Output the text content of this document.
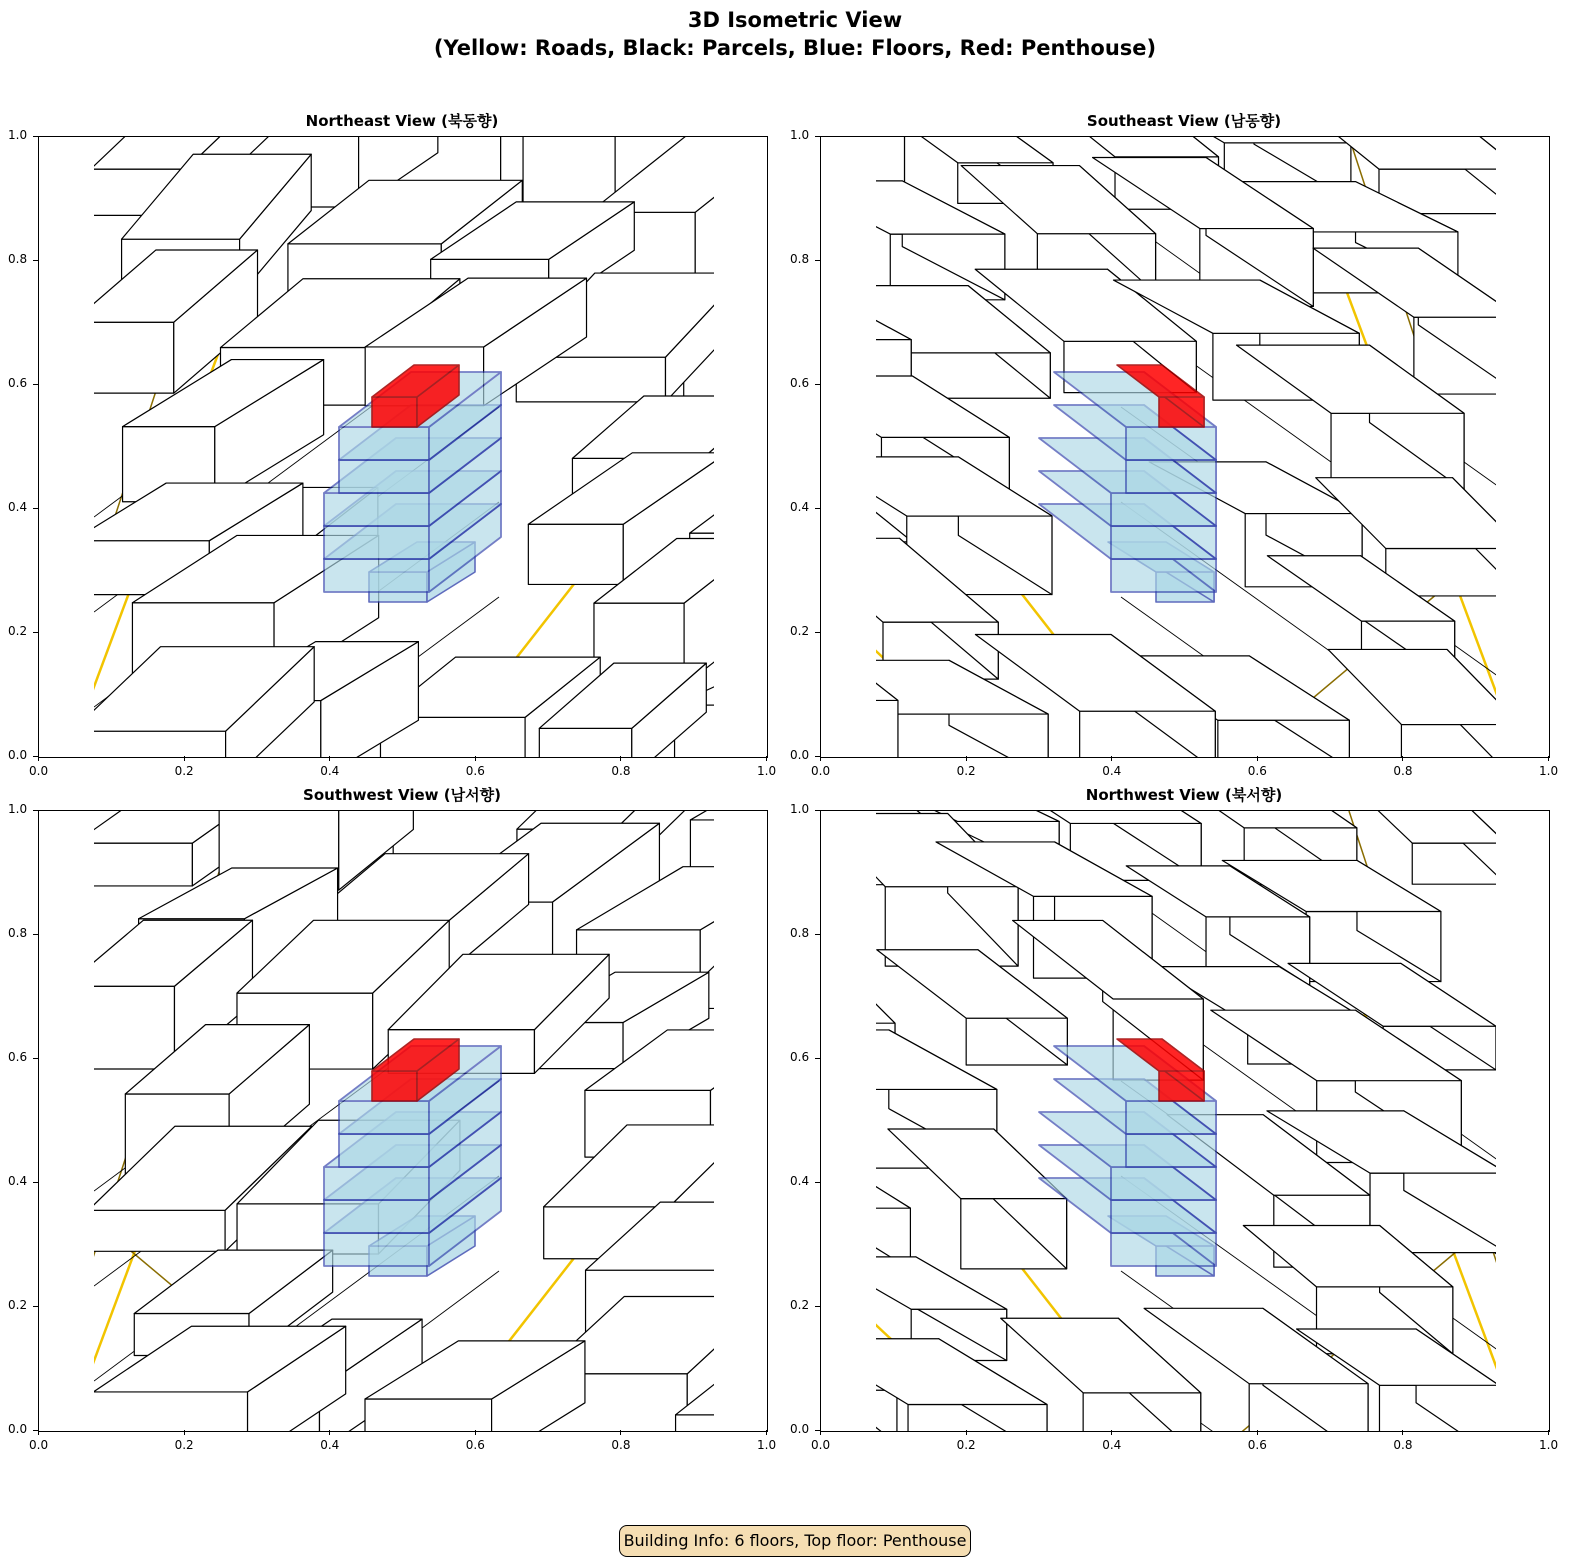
3D Isometric View
(Yellow: Roads, Black: Parcels, Blue: Floors, Red: Penthouse)
Northeast View (북동향)
0.0
0.0
0.2
0.2
0.4
0.4
0.6
0.6
0.8
0.8
1.0
1.0
Southeast View (남동향)
0.0
0.0
0.2
0.2
0.4
0.4
0.6
0.6
0.8
0.8
1.0
1.0
Southwest View (남서향)
0.0
0.0
0.2
0.2
0.4
0.4
0.6
0.6
0.8
0.8
1.0
1.0
Northwest View (북서향)
0.0
0.0
0.2
0.2
0.4
0.4
0.6
0.6
0.8
0.8
1.0
1.0
Building Info: 6 floors, Top floor: Penthouse
